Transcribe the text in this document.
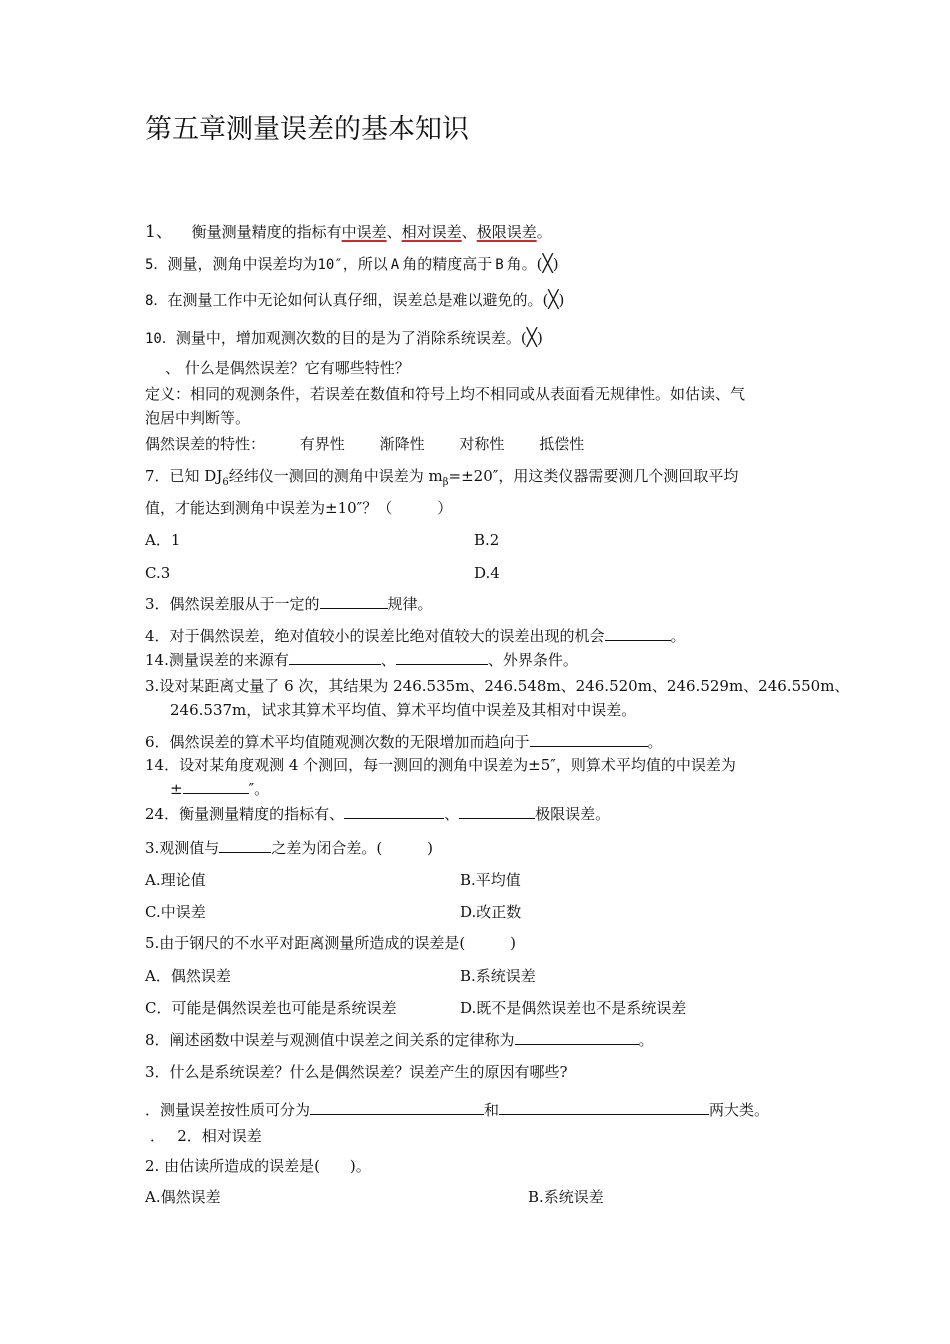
第五章测量误差的基本知识
1、 衡量测量精度的指标有中误差、相对误差、极限误差。
5．测量，测角中误差均为10″，所以 A 角的精度高于 B 角。(╳)
8．在测量工作中无论如何认真仔细，误差总是难以避免的。(╳)
10．测量中，增加观测次数的目的是为了消除系统误差。(╳)
、 什么是偶然误差？它有哪些特性？
定义：相同的观测条件，若误差在数值和符号上均不相同或从表面看无规律性。如估读、气
泡居中判断等。
偶然误差的特性： 有界性 渐降性 对称性 抵偿性
7．已知 $DJ_6$经纬仪一测回的测角中误差为 $m_\beta=\pm 20''$，用这类仪器需要测几个测回取平均
值，才能达到测角中误差为±10″？（　　　）
A．1	B.2
C.3	D.4
3．偶然误差服从于一定的	规律。
4．对于偶然误差，绝对值较小的误差比绝对值较大的误差出现的机会	。
14.测量误差的来源有	、	、外界条件。
3.设对某距离丈量了 6 次，其结果为 246.535m、246.548m、246.520m、246.529m、246.550m、
246.537m，试求其算术平均值、算术平均值中误差及其相对中误差。
6．偶然误差的算术平均值随观测次数的无限增加而趋向于	。
14．设对某角度观测 4 个测回，每一测回的测角中误差为±5″，则算术平均值的中误差为
±	″。
24．衡量测量精度的指标有、	、	极限误差。
3.观测值与	之差为闭合差。(　　　)
A.理论值	B.平均值
C.中误差	D.改正数
5.由于钢尺的不水平对距离测量所造成的误差是(　　　)
A．偶然误差	B.系统误差
C．可能是偶然误差也可能是系统误差	D.既不是偶然误差也不是系统误差
8．阐述函数中误差与观测值中误差之间关系的定律称为	。
3．什么是系统误差？什么是偶然误差？误差产生的原因有哪些?
．测量误差按性质可分为	和	两大类。
．　 2．相对误差
2. 由估读所造成的误差是(　　)。
A.偶然误差	B.系统误差
